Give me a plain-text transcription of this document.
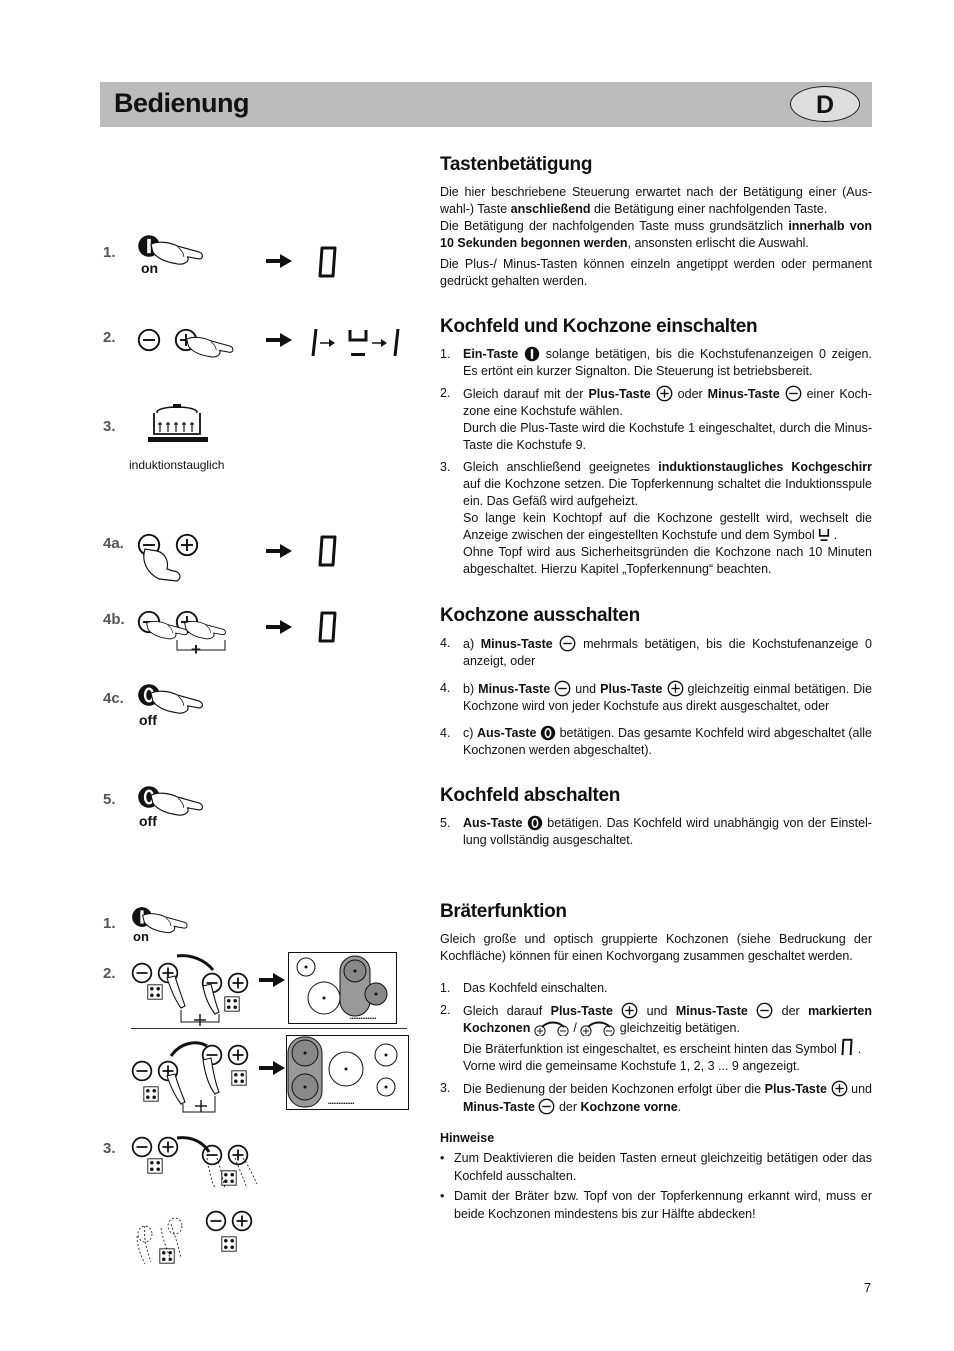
Bedienung	D
1.
on
2.
3.
induktionstauglich
4a.
4b.
+
4c.
off
5.
off
1.
on
2.
•••••••••••••••
•••••••••••••••
3.
Tastenbetätigung

Die hier beschriebene Steuerung erwartet nach der Betätigung einer (Aus-wahl-) Taste anschließend die Betätigung einer nachfolgenden Taste.

Die Betätigung der nachfolgenden Taste muss grundsätzlich innerhalb von 10 Sekunden begonnen werden, ansonsten erlischt die Auswahl.

Die Plus-/ Minus-Tasten können einzeln angetippt werden oder permanent gedrückt gehalten werden.

Kochfeld und Kochzone einschalten
1. Ein-Taste  solange betätigen, bis die Kochstufenanzeigen 0 zeigen. Es ertönt ein kurzer Signalton. Die Steuerung ist betriebsbereit.
2. Gleich darauf mit der Plus-Taste  oder Minus-Taste  einer Koch-zone eine Kochstufe wählen.
Durch die Plus-Taste wird die Kochstufe 1 eingeschaltet, durch die Minus-Taste die Kochstufe 9.
3. Gleich anschließend geeignetes induktionstaugliches Kochgeschirr auf die Kochzone setzen. Die Topferkennung schaltet die Induktionsspule ein. Das Gefäß wird aufgeheizt.
So lange kein Kochtopf auf die Kochzone gestellt wird, wechselt die Anzeige zwischen der eingestellten Kochstufe und dem Symbol  .
Ohne Topf wird aus Sicherheitsgründen die Kochzone nach 10 Minuten abgeschaltet. Hierzu Kapitel „Topferkennung“ beachten.
Kochzone ausschalten
4. a) Minus-Taste  mehrmals betätigen, bis die Kochstufenanzeige 0 anzeigt, oder
4. b) Minus-Taste  und Plus-Taste  gleichzeitig einmal betätigen. Die Kochzone wird von jeder Kochstufe aus direkt ausgeschaltet, oder
4. c) Aus-Taste  betätigen. Das gesamte Kochfeld wird abgeschaltet (alle Kochzonen werden abgeschaltet).
Kochfeld abschalten
5. Aus-Taste  betätigen. Das Kochfeld wird unabhängig von der Einstel-lung vollständig ausgeschaltet.
Bräterfunktion

Gleich große und optisch gruppierte Kochzonen (siehe Bedruckung der Kochfläche) können für einen Kochvorgang zusammen geschaltet werden.

1. Das Kochfeld einschalten.
2. Gleich darauf Plus-Taste	und Minus-Taste	der markierten Kochzonen	/	gleichzeitig betätigen.
Die Bräterfunktion ist eingeschaltet, es erscheint hinten das Symbol  .
Vorne wird die gemeinsame Kochstufe 1, 2, 3 ... 9 angezeigt.
3. Die Bedienung der beiden Kochzonen erfolgt über die Plus-Taste  und Minus-Taste  der Kochzone vorne.
Hinweise
• Zum Deaktivieren die beiden Tasten erneut gleichzeitig betätigen oder das Kochfeld ausschalten.
• Damit der Bräter bzw. Topf von der Topferkennung erkannt wird, muss er beide Kochzonen mindestens bis zur Hälfte abdecken!
7
